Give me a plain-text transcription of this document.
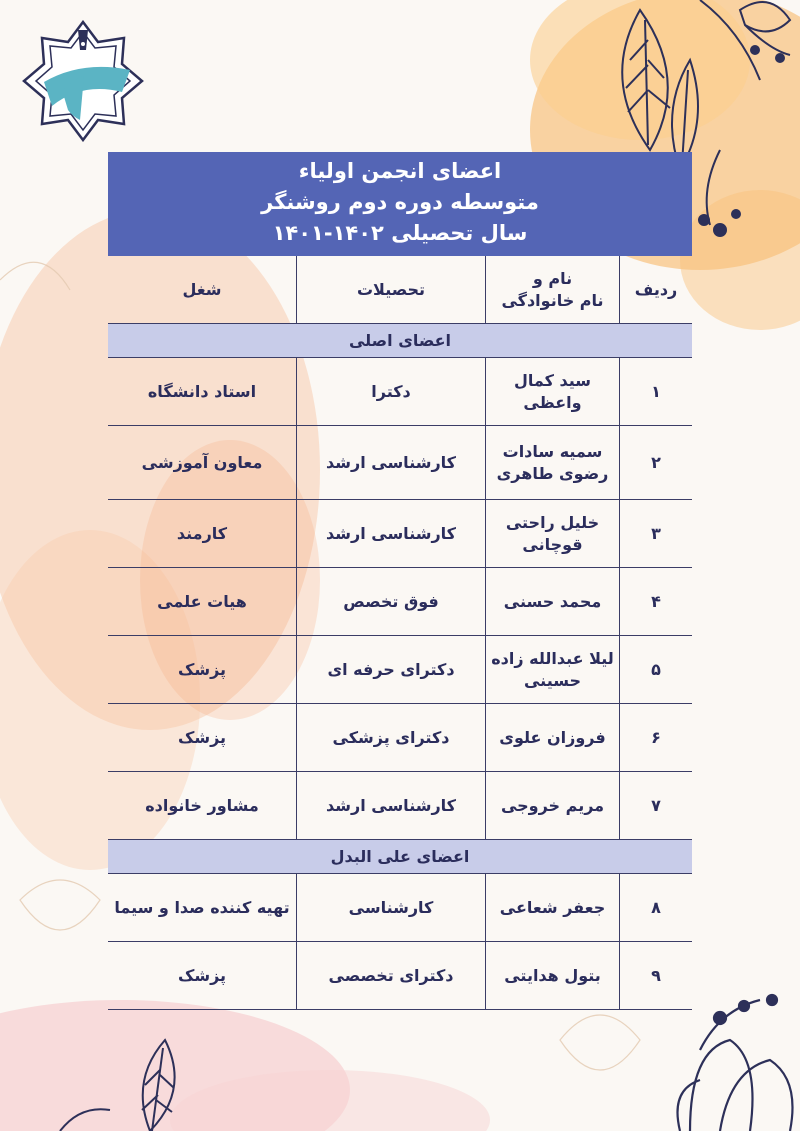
اعضای انجمن اولیاء
متوسطه دوره دوم روشنگر
سال تحصیلی ۱۴۰۲-۱۴۰۱
ردیف
نام و
نام خانوادگی
تحصیلات
شغل
اعضای اصلی
۱
سید کمال
واعظی
دکترا
استاد دانشگاه
۲
سمیه سادات
رضوی طاهری
کارشناسی ارشد
معاون آموزشی
۳
خلیل راحتی
قوچانی
کارشناسی ارشد
کارمند
۴
محمد حسنی
فوق تخصص
هیات علمی
۵
لیلا عبدالله زاده
حسینی
دکترای حرفه ای
پزشک
۶
فروزان علوی
دکترای پزشکی
پزشک
۷
مریم خروجی
کارشناسی ارشد
مشاور خانواده
اعضای علی البدل
۸
جعفر شعاعی
کارشناسی
تهیه کننده صدا و سیما
۹
بتول هدایتی
دکترای تخصصی
پزشک
